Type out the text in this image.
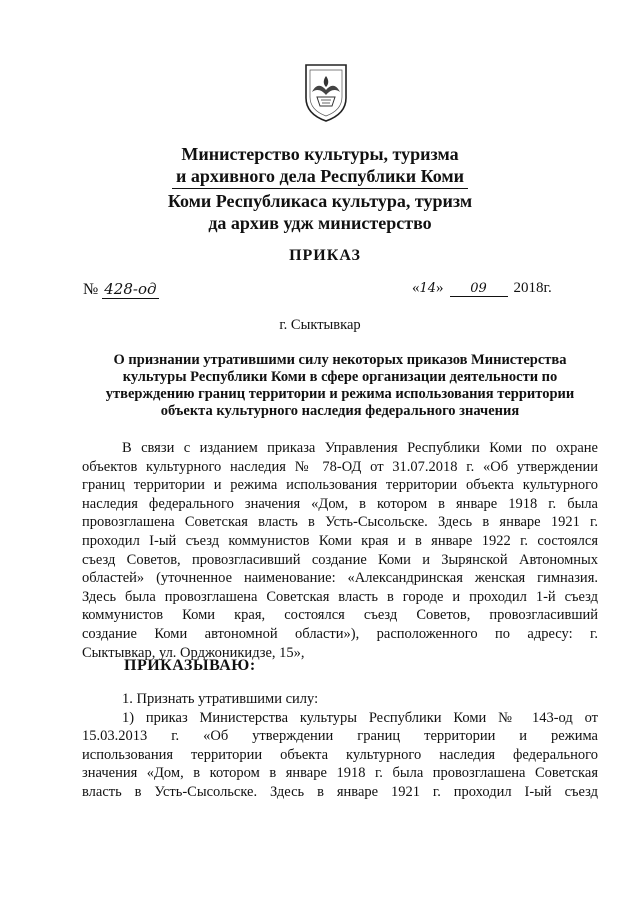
Министерство культуры, туризма
и архивного дела Республики Коми
Коми Республикаса культура, туризм
да архив удж министерство
ПРИКАЗ
№ 428-од	«14» 09 2018г.
г. Сыктывкар
О признании утратившими силу некоторых приказов Министерства
культуры Республики Коми в сфере организации деятельности по
утверждению границ территории и режима использования территории
объекта культурного наследия федерального значения
В связи с изданием приказа Управления Республики Коми по охране
объектов культурного наследия № 78-ОД от 31.07.2018 г. «Об утверждении
границ территории и режима использования территории объекта культурного
наследия федерального значения «Дом, в котором в январе 1918 г. была
провозглашена Советская власть в Усть-Сысольске. Здесь в январе 1921 г.
проходил I-ый съезд коммунистов Коми края и в январе 1922 г. состоялся
съезд Советов, провозгласивший создание Коми и Зырянской Автономных
областей» (уточненное наименование: «Александринская женская гимназия.
Здесь была провозглашена Советская власть в городе и проходил 1-й съезд
коммунистов Коми края, состоялся съезд Советов, провозгласивший
создание Коми автономной области»), расположенного по адресу: г.
Сыктывкар, ул. Орджоникидзе, 15»,
ПРИКАЗЫВАЮ:
1. Признать утратившими силу:
1) приказ Министерства культуры Республики Коми № 143-од от
15.03.2013 г. «Об утверждении границ территории и режима
использования территории объекта культурного наследия федерального
значения «Дом, в котором в январе 1918 г. была провозглашена Советская
власть в Усть-Сысольске. Здесь в январе 1921 г. проходил I-ый съезд
